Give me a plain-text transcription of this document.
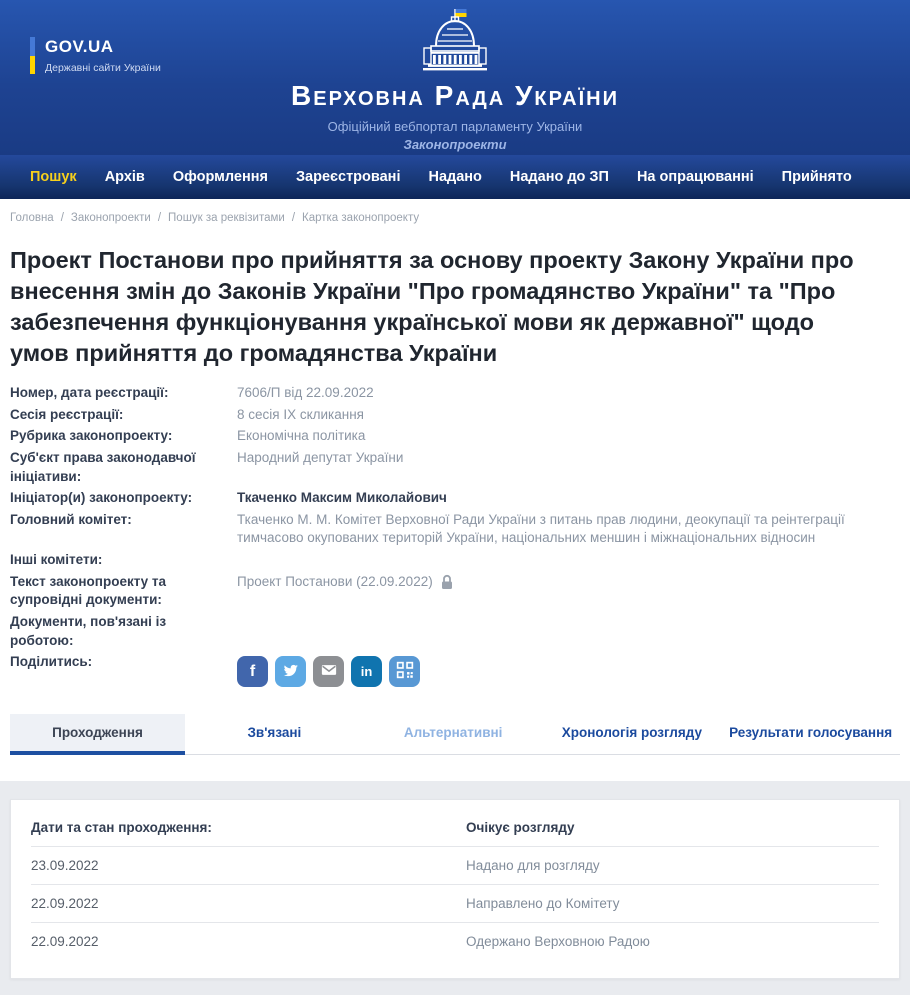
GOV.UA
Державні сайти України
Верховна Рада України
Офіційний вебпортал парламенту України
Законопроекти
Пошук Архів Оформлення Зареєстровані Надано Надано до ЗП На опрацюванні Прийнято
Головна / Законопроекти / Пошук за реквізитами / Картка законопроекту
Проект Постанови про прийняття за основу проекту Закону України про внесення змін до Законів України "Про громадянство України" та "Про забезпечення функціонування української мови як державної" щодо умов прийняття до громадянства України
Номер, дата реєстрації:	7606/П від 22.09.2022
Сесія реєстрації:	8 сесія IX скликання
Рубрика законопроекту:	Економічна політика
Суб'єкт права законодавчої ініціативи:
Народний депутат України
Ініціатор(и) законопроекту:	Ткаченко Максим Миколайович
Головний комітет:	Ткаченко М. М. Комітет Верховної Ради України з питань прав людини, деокупації та реінтеграції тимчасово окупованих територій України, національних меншин і міжнаціональних відносин
Інші комітети:
Текст законопроекту та супровідні документи:
Проект Постанови (22.09.2022)
Документи, пов'язані із роботою:
Поділитись:
f	in
Проходження	Зв'язані	Альтернативні	Хронологія розгляду	Результати голосування
Дати та стан проходження:	Очікує розгляду
23.09.2022	Надано для розгляду
22.09.2022	Направлено до Комітету
22.09.2022	Одержано Верховною Радою
